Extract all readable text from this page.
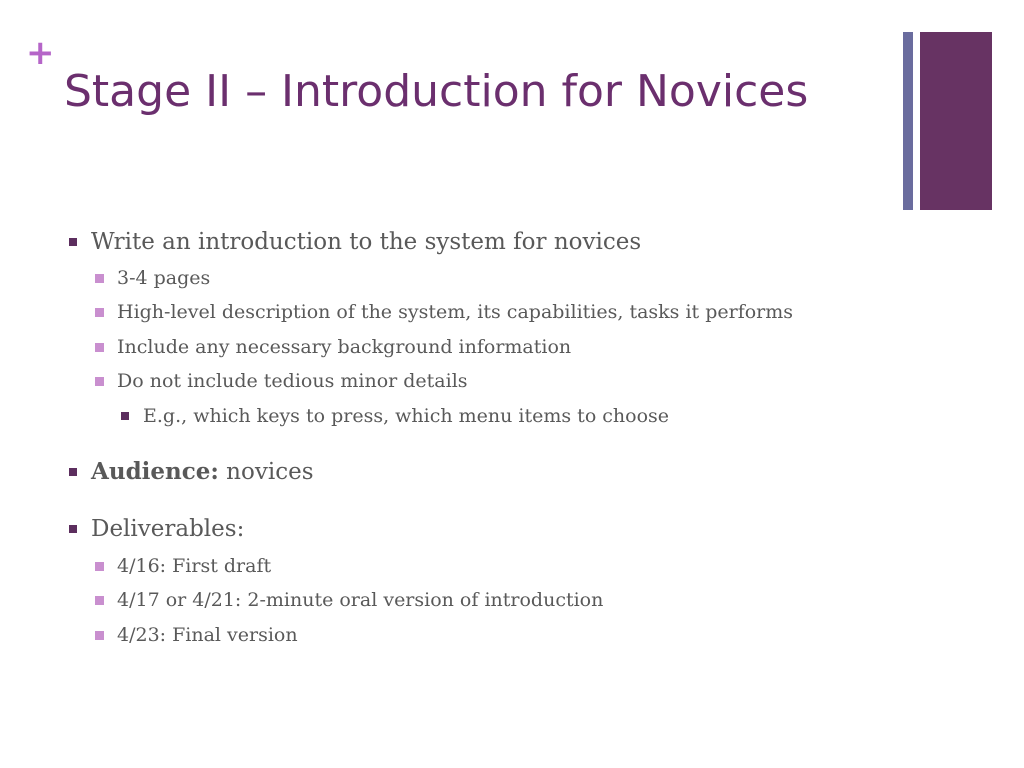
+
Stage II – Introduction for Novices
Write an introduction to the system for novices
3-4 pages
High-level description of the system, its capabilities, tasks it performs
Include any necessary background information
Do not include tedious minor details
E.g., which keys to press, which menu items to choose
Audience: novices
Deliverables:
4/16: First draft
4/17 or 4/21: 2-minute oral version of introduction
4/23: Final version
